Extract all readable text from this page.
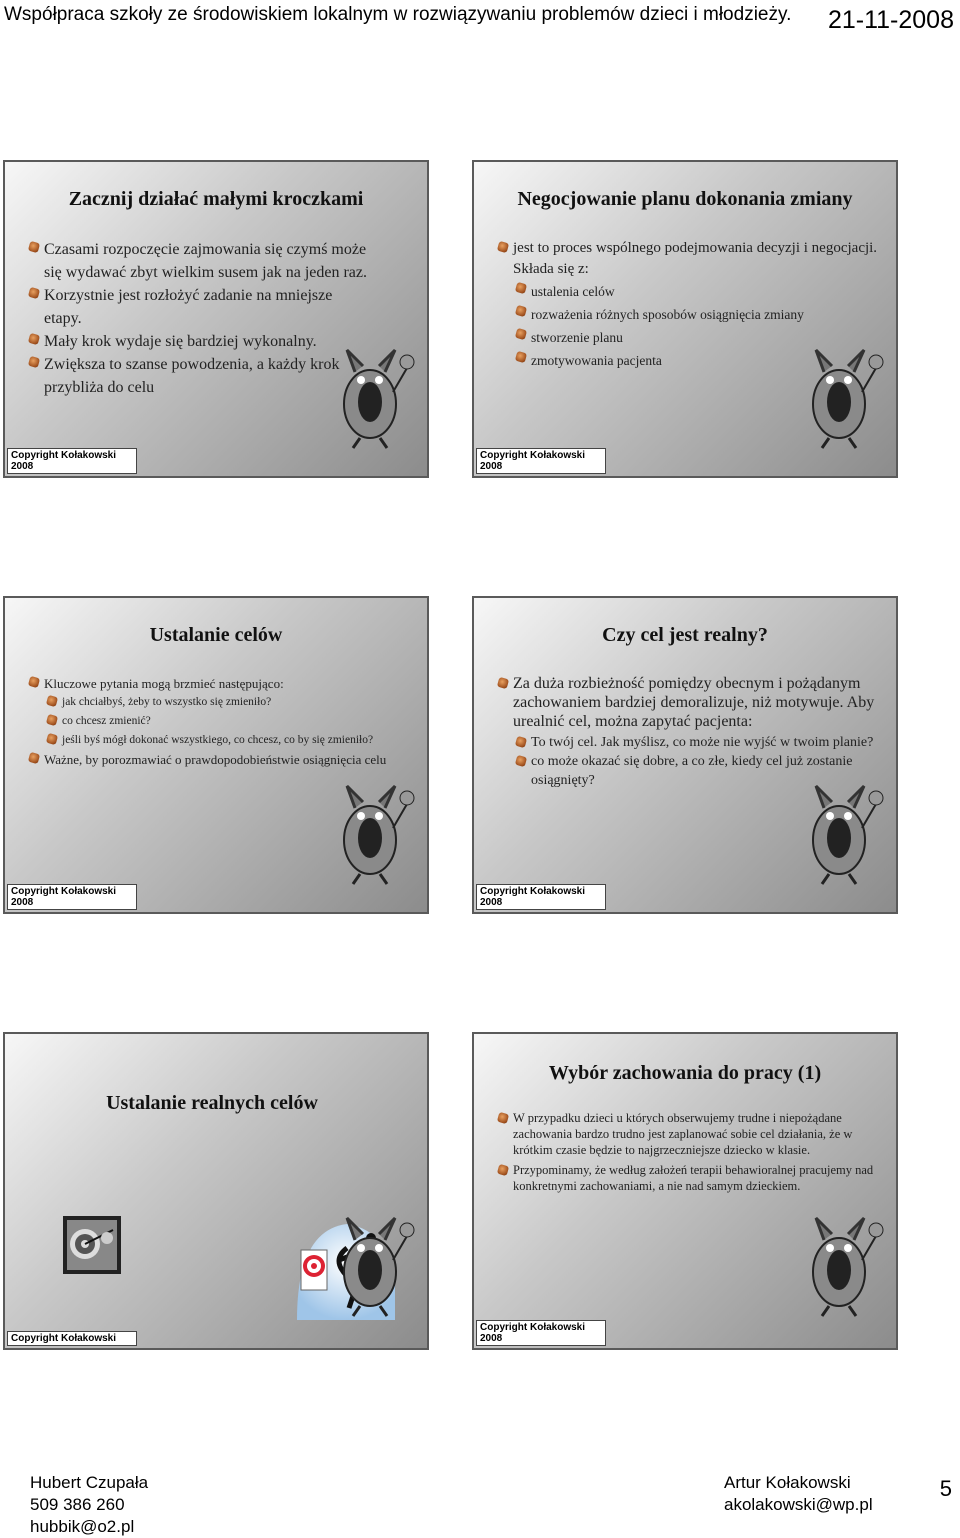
Współpraca szkoły ze środowiskiem lokalnym w rozwiązywaniu problemów dzieci i młodzieży. 21-11-2008
Zacznij działać małymi kroczkami
Czasami rozpoczęcie zajmowania się czymś może się wydawać zbyt wielkim susem jak na jeden raz.
Korzystnie jest rozłożyć zadanie na mniejsze etapy.
Mały krok wydaje się bardziej wykonalny.
Zwiększa to szanse powodzenia, a każdy krok przybliża do celu
Copyright Kołakowski 2008
Negocjowanie planu dokonania zmiany
jest to proces wspólnego podejmowania decyzji i negocjacji. Składa się z:
ustalenia celów
rozważenia różnych sposobów osiągnięcia zmiany
stworzenie planu
zmotywowania pacjenta
Copyright Kołakowski 2008
Ustalanie celów
Kluczowe pytania mogą brzmieć następująco:
jak chciałbyś, żeby to wszystko się zmieniło?
co chcesz zmienić?
jeśli byś mógł dokonać wszystkiego, co chcesz, co by się zmieniło?
Ważne, by porozmawiać o prawdopodobieństwie osiągnięcia celu
Copyright Kołakowski 2008
Czy cel jest realny?
Za duża rozbieżność pomiędzy obecnym i pożądanym zachowaniem bardziej demoralizuje, niż motywuje. Aby urealnić cel, można zapytać pacjenta:
To twój cel. Jak myślisz, co może nie wyjść w twoim planie?
co może okazać się dobre, a co złe, kiedy cel już zostanie osiągnięty?
Copyright Kołakowski 2008
Ustalanie realnych celów
Copyright Kołakowski
Wybór zachowania do pracy (1)
W przypadku dzieci u których obserwujemy trudne i niepożądane zachowania bardzo trudno jest zaplanować sobie cel działania, że w krótkim czasie będzie to najgrzeczniejsze dziecko w klasie.
Przypominamy, że według założeń terapii behawioralnej pracujemy nad konkretnymi zachowaniami, a nie nad samym dzieckiem.
Copyright Kołakowski 2008
Hubert Czupała
509 386 260
hubbik@o2.pl
Artur Kołakowski
akolakowski@wp.pl
5
